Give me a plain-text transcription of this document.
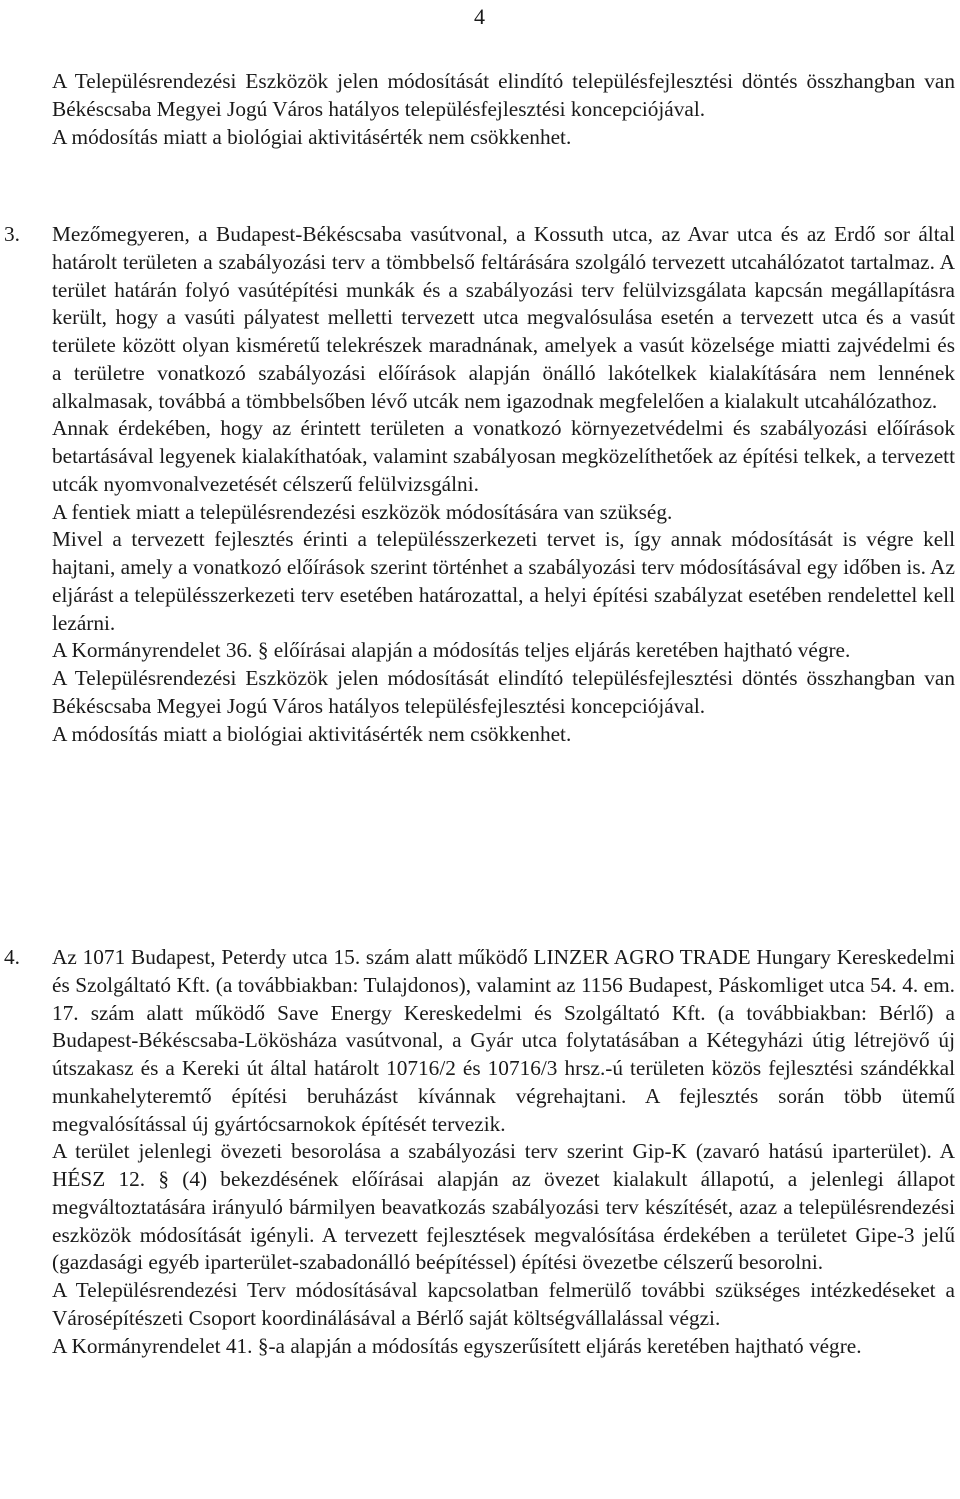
4

A Településrendezési Eszközök jelen módosítását elindító településfejlesztési döntés összhangban van Békéscsaba Megyei Jogú Város hatályos településfejlesztési koncepciójával.

A módosítás miatt a biológiai aktivitásérték nem csökkenhet.

3. Mezőmegyeren, a Budapest-Békéscsaba vasútvonal, a Kossuth utca, az Avar utca és az Erdő sor által határolt területen a szabályozási terv a tömbbelső feltárására szolgáló tervezett utcahálózatot tartalmaz. A terület határán folyó vasútépítési munkák és a szabályozási terv felülvizsgálata kapcsán megállapításra került, hogy a vasúti pályatest melletti tervezett utca megvalósulása esetén a tervezett utca és a vasút területe között olyan kisméretű telekrészek maradnának, amelyek a vasút közelsége miatti zajvédelmi és a területre vonatkozó szabályozási előírások alapján önálló lakótelkek kialakítására nem lennének alkalmasak, továbbá a tömbbelsőben lévő utcák nem igazodnak megfelelően a kialakult utcahálózathoz.

Annak érdekében, hogy az érintett területen a vonatkozó környezetvédelmi és szabályozási előírások betartásával legyenek kialakíthatóak, valamint szabályosan megközelíthetőek az építési telkek, a tervezett utcák nyomvonalvezetését célszerű felülvizsgálni.

A fentiek miatt a településrendezési eszközök módosítására van szükség.

Mivel a tervezett fejlesztés érinti a településszerkezeti tervet is, így annak módosítását is végre kell hajtani, amely a vonatkozó előírások szerint történhet a szabályozási terv módosításával egy időben is. Az eljárást a településszerkezeti terv esetében határozattal, a helyi építési szabályzat esetében rendelettel kell lezárni.

A Kormányrendelet 36. § előírásai alapján a módosítás teljes eljárás keretében hajtható végre.

A Településrendezési Eszközök jelen módosítását elindító településfejlesztési döntés összhangban van Békéscsaba Megyei Jogú Város hatályos településfejlesztési koncepciójával.

A módosítás miatt a biológiai aktivitásérték nem csökkenhet.

4. Az 1071 Budapest, Peterdy utca 15. szám alatt működő LINZER AGRO TRADE Hungary Kereskedelmi és Szolgáltató Kft. (a továbbiakban: Tulajdonos), valamint az 1156 Budapest, Páskomliget utca 54. 4. em. 17. szám alatt működő Save Energy Kereskedelmi és Szolgáltató Kft. (a továbbiakban: Bérlő) a Budapest-Békéscsaba-Lökösháza vasútvonal, a Gyár utca folytatásában a Kétegyházi útig létrejövő új útszakasz és a Kereki út által határolt 10716/2 és 10716/3 hrsz.-ú területen közös fejlesztési szándékkal munkahelyteremtő építési beruházást kívánnak végrehajtani. A fejlesztés során több ütemű megvalósítással új gyártócsarnokok építését tervezik.

A terület jelenlegi övezeti besorolása a szabályozási terv szerint Gip-K (zavaró hatású iparterület). A HÉSZ 12. § (4) bekezdésének előírásai alapján az övezet kialakult állapotú, a jelenlegi állapot megváltoztatására irányuló bármilyen beavatkozás szabályozási terv készítését, azaz a településrendezési eszközök módosítását igényli. A tervezett fejlesztések megvalósítása érdekében a területet Gipe-3 jelű (gazdasági egyéb iparterület-szabadonálló beépítéssel) építési övezetbe célszerű besorolni.

A Településrendezési Terv módosításával kapcsolatban felmerülő további szükséges intézkedéseket a Városépítészeti Csoport koordinálásával a Bérlő saját költségvállalással végzi.

A Kormányrendelet 41. §-a alapján a módosítás egyszerűsített eljárás keretében hajtható végre.
